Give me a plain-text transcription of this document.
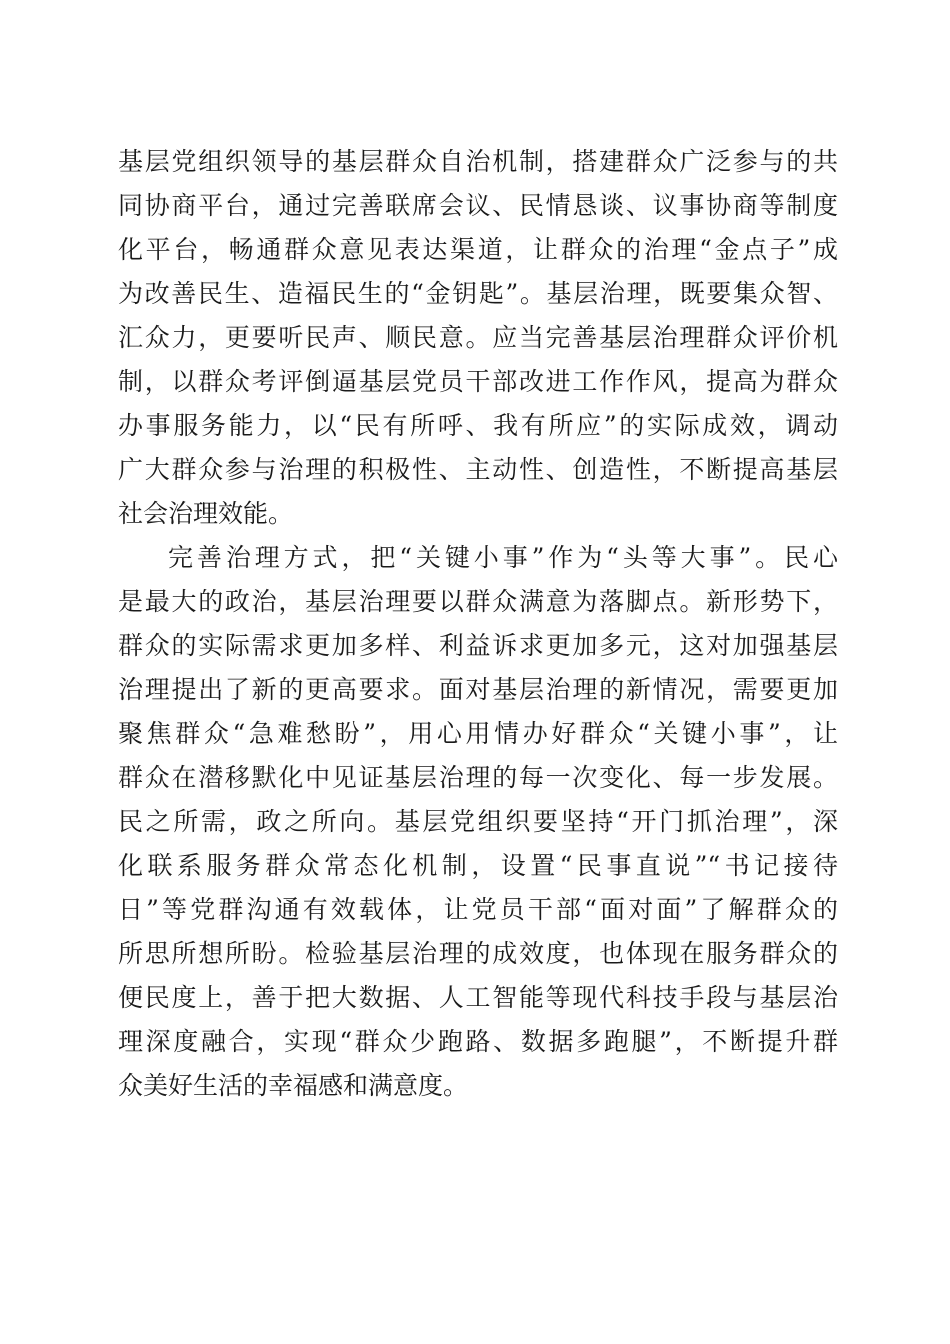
基层党组织领导的基层群众自治机制，搭建群众广泛参与的共
同协商平台，通过完善联席会议、民情恳谈、议事协商等制度
化平台，畅通群众意见表达渠道，让群众的治理“金点子”成
为改善民生、造福民生的“金钥匙”。基层治理，既要集众智、
汇众力，更要听民声、顺民意。应当完善基层治理群众评价机
制，以群众考评倒逼基层党员干部改进工作作风，提高为群众
办事服务能力，以“民有所呼、我有所应”的实际成效，调动
广大群众参与治理的积极性、主动性、创造性，不断提高基层
社会治理效能。
完善治理方式，把“关键小事”作为“头等大事”。民心
是最大的政治，基层治理要以群众满意为落脚点。新形势下，
群众的实际需求更加多样、利益诉求更加多元，这对加强基层
治理提出了新的更高要求。面对基层治理的新情况，需要更加
聚焦群众“急难愁盼”，用心用情办好群众“关键小事”，让
群众在潜移默化中见证基层治理的每一次变化、每一步发展。
民之所需，政之所向。基层党组织要坚持“开门抓治理”，深
化联系服务群众常态化机制，设置“民事直说”“书记接待
日”等党群沟通有效载体，让党员干部“面对面”了解群众的
所思所想所盼。检验基层治理的成效度，也体现在服务群众的
便民度上，善于把大数据、人工智能等现代科技手段与基层治
理深度融合，实现“群众少跑路、数据多跑腿”，不断提升群
众美好生活的幸福感和满意度。
